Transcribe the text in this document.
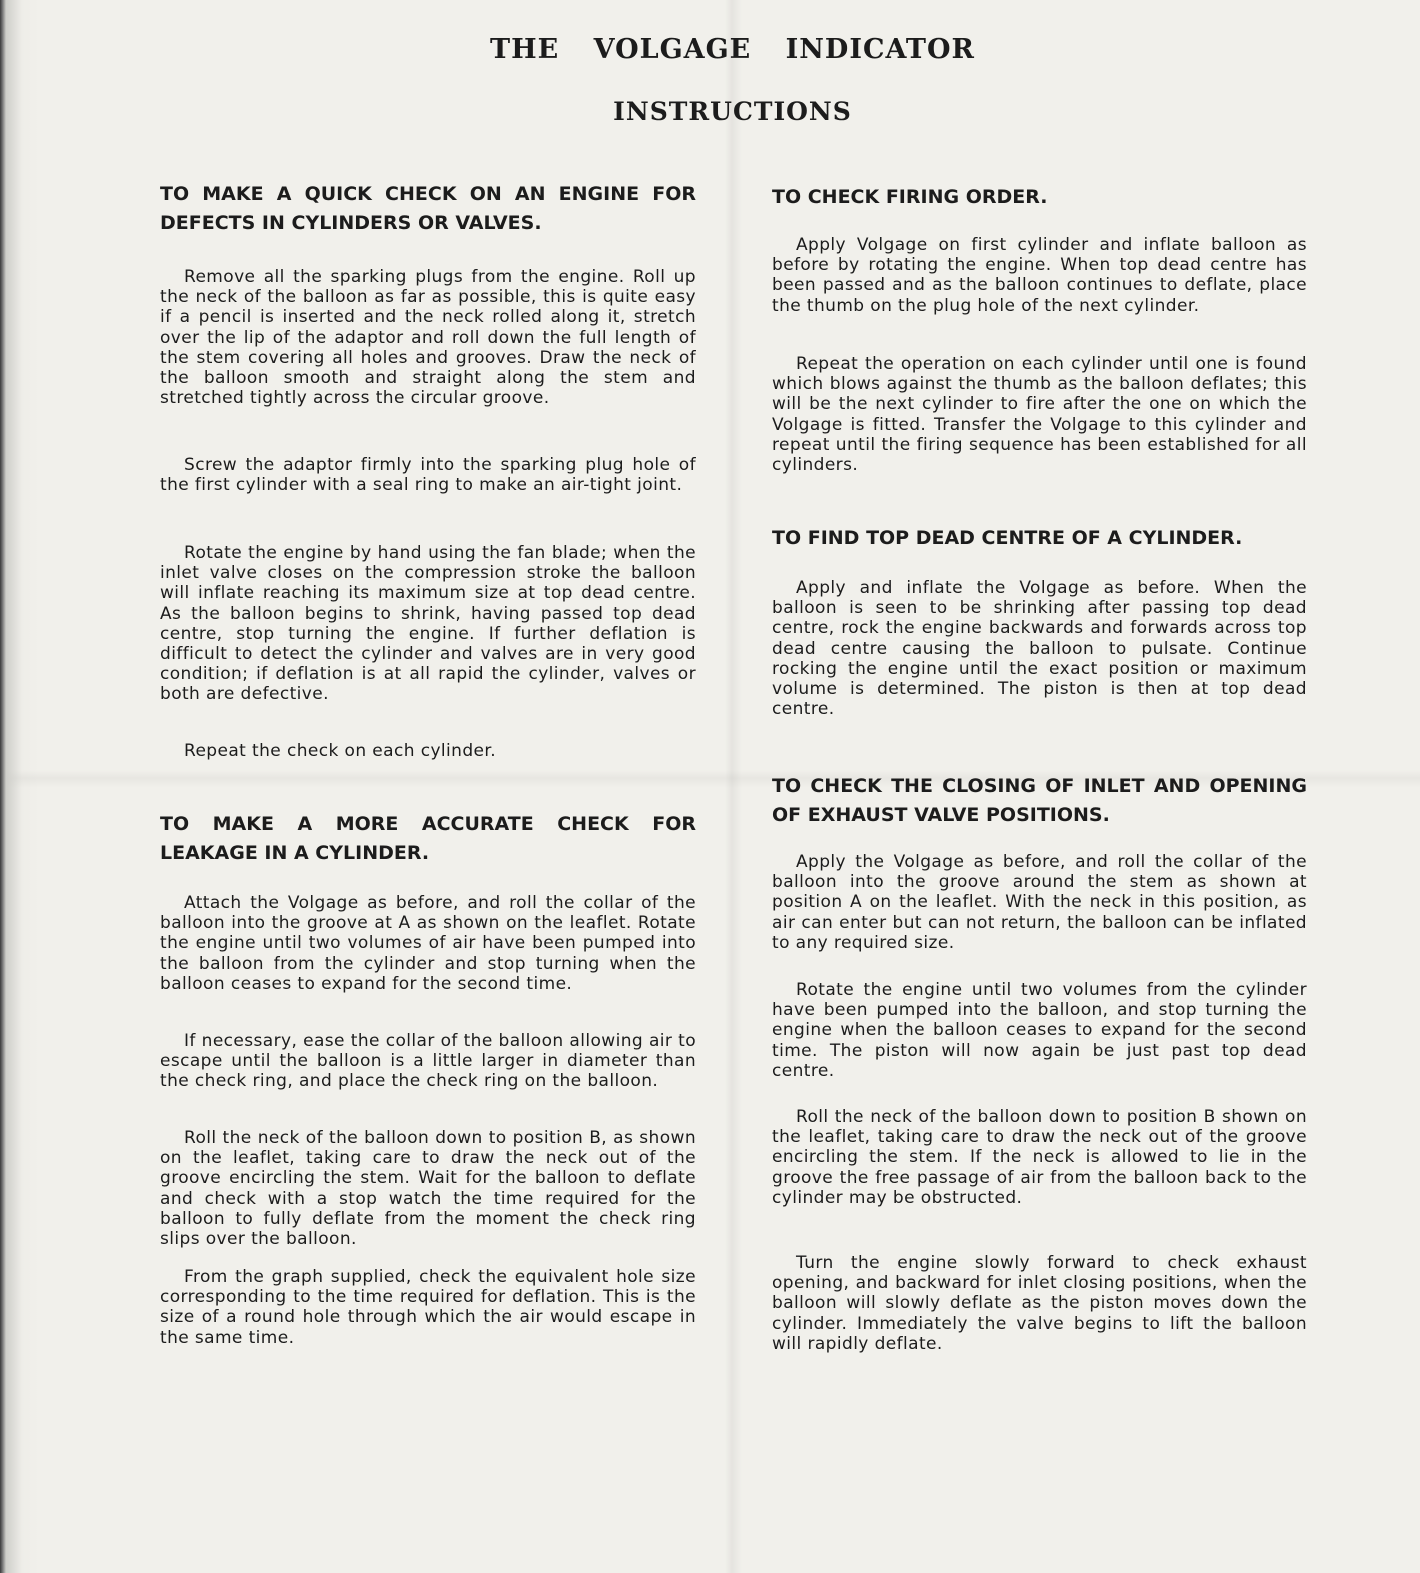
THE VOLGAGE INDICATOR
INSTRUCTIONS
TO MAKE A QUICK CHECK ON AN ENGINE FOR DEFECTS IN CYLINDERS OR VALVES.

Remove all the sparking plugs from the engine. Roll up the neck of the balloon as far as possible, this is quite easy if a pencil is inserted and the neck rolled along it, stretch over the lip of the adaptor and roll down the full length of the stem covering all holes and grooves. Draw the neck of the balloon smooth and straight along the stem and stretched tightly across the circular groove.

Screw the adaptor firmly into the sparking plug hole of the first cylinder with a seal ring to make an air-tight joint.

Rotate the engine by hand using the fan blade; when the inlet valve closes on the compression stroke the balloon will inflate reaching its maximum size at top dead centre. As the balloon begins to shrink, having passed top dead centre, stop turning the engine. If further deflation is difficult to detect the cylinder and valves are in very good condition; if deflation is at all rapid the cylinder, valves or both are defective.

Repeat the check on each cylinder.

TO MAKE A MORE ACCURATE CHECK FOR LEAKAGE IN A CYLINDER.

Attach the Volgage as before, and roll the collar of the balloon into the groove at A as shown on the leaflet. Rotate the engine until two volumes of air have been pumped into the balloon from the cylinder and stop turning when the balloon ceases to expand for the second time.

If necessary, ease the collar of the balloon allowing air to escape until the balloon is a little larger in diameter than the check ring, and place the check ring on the balloon.

Roll the neck of the balloon down to position B, as shown on the leaflet, taking care to draw the neck out of the groove encircling the stem. Wait for the balloon to deflate and check with a stop watch the time required for the balloon to fully deflate from the moment the check ring slips over the balloon.

From the graph supplied, check the equivalent hole size corresponding to the time required for deflation. This is the size of a round hole through which the air would escape in the same time.

TO CHECK FIRING ORDER.

Apply Volgage on first cylinder and inflate balloon as before by rotating the engine. When top dead centre has been passed and as the balloon continues to deflate, place the thumb on the plug hole of the next cylinder.

Repeat the operation on each cylinder until one is found which blows against the thumb as the balloon deflates; this will be the next cylinder to fire after the one on which the Volgage is fitted. Transfer the Volgage to this cylinder and repeat until the firing sequence has been established for all cylinders.

TO FIND TOP DEAD CENTRE OF A CYLINDER.

Apply and inflate the Volgage as before. When the balloon is seen to be shrinking after passing top dead centre, rock the engine backwards and forwards across top dead centre causing the balloon to pulsate. Continue rocking the engine until the exact position or maximum volume is determined. The piston is then at top dead centre.

TO CHECK THE CLOSING OF INLET AND OPENING OF EXHAUST VALVE POSITIONS.

Apply the Volgage as before, and roll the collar of the balloon into the groove around the stem as shown at position A on the leaflet. With the neck in this position, as air can enter but can not return, the balloon can be inflated to any required size.

Rotate the engine until two volumes from the cylinder have been pumped into the balloon, and stop turning the engine when the balloon ceases to expand for the second time. The piston will now again be just past top dead centre.

Roll the neck of the balloon down to position B shown on the leaflet, taking care to draw the neck out of the groove encircling the stem. If the neck is allowed to lie in the groove the free passage of air from the balloon back to the cylinder may be obstructed.

Turn the engine slowly forward to check exhaust opening, and backward for inlet closing positions, when the balloon will slowly deflate as the piston moves down the cylinder. Immediately the valve begins to lift the balloon will rapidly deflate.
